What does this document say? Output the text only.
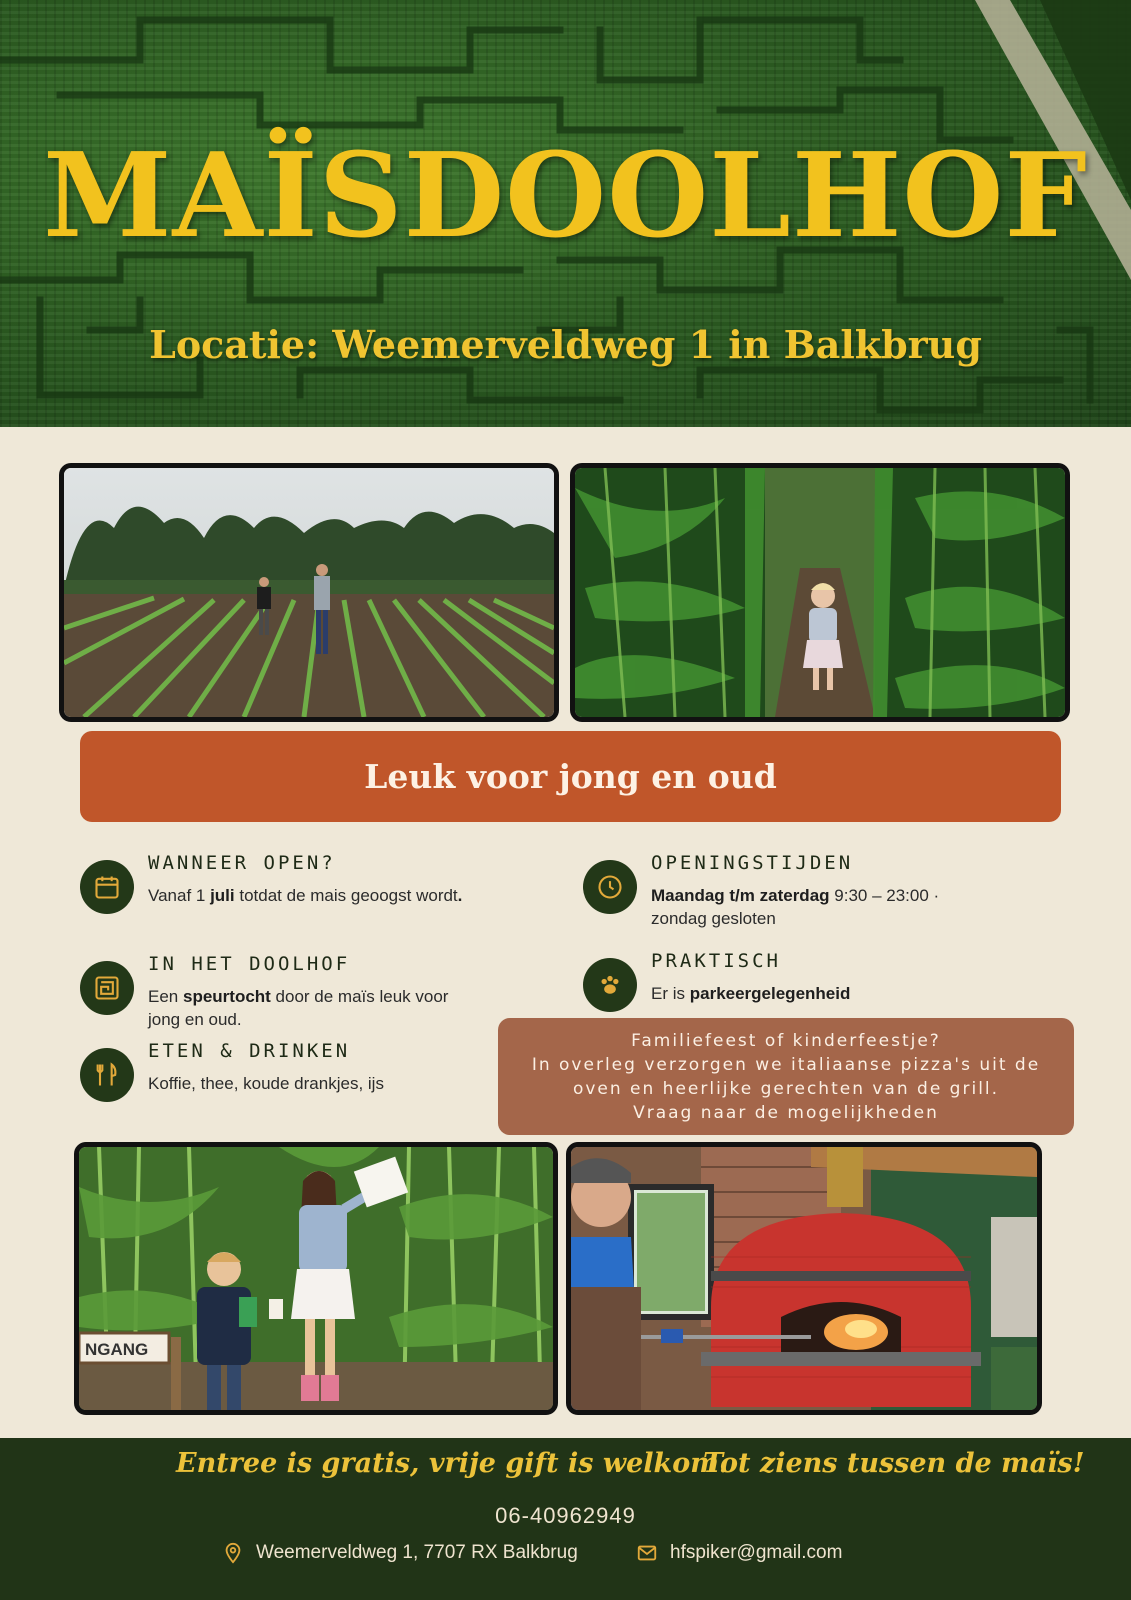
MAÏSDOOLHOF
Locatie: Weemerveldweg 1 in Balkbrug
Leuk voor jong en oud
WANNEER OPEN?
Vanaf 1 juli totdat de mais geoogst wordt.
OPENINGSTIJDEN
Maandag t/m zaterdag 9:30 – 23:00 ·
zondag gesloten
IN HET DOOLHOF
Een speurtocht door de maïs leuk voor
jong en oud.
PRAKTISCH
Er is parkeergelegenheid
ETEN & DRINKEN
Koffie, thee, koude drankjes, ijs
Familiefeest of kinderfeestje?
In overleg verzorgen we italiaanse pizza's uit de
oven en heerlijke gerechten van de grill.
Vraag naar de mogelijkheden
NGANG
Entree is gratis, vrije gift is welkom.
Tot ziens tussen de maïs!
06-40962949
Weemerveldweg 1, 7707 RX Balkbrug	hfspiker@gmail.com
